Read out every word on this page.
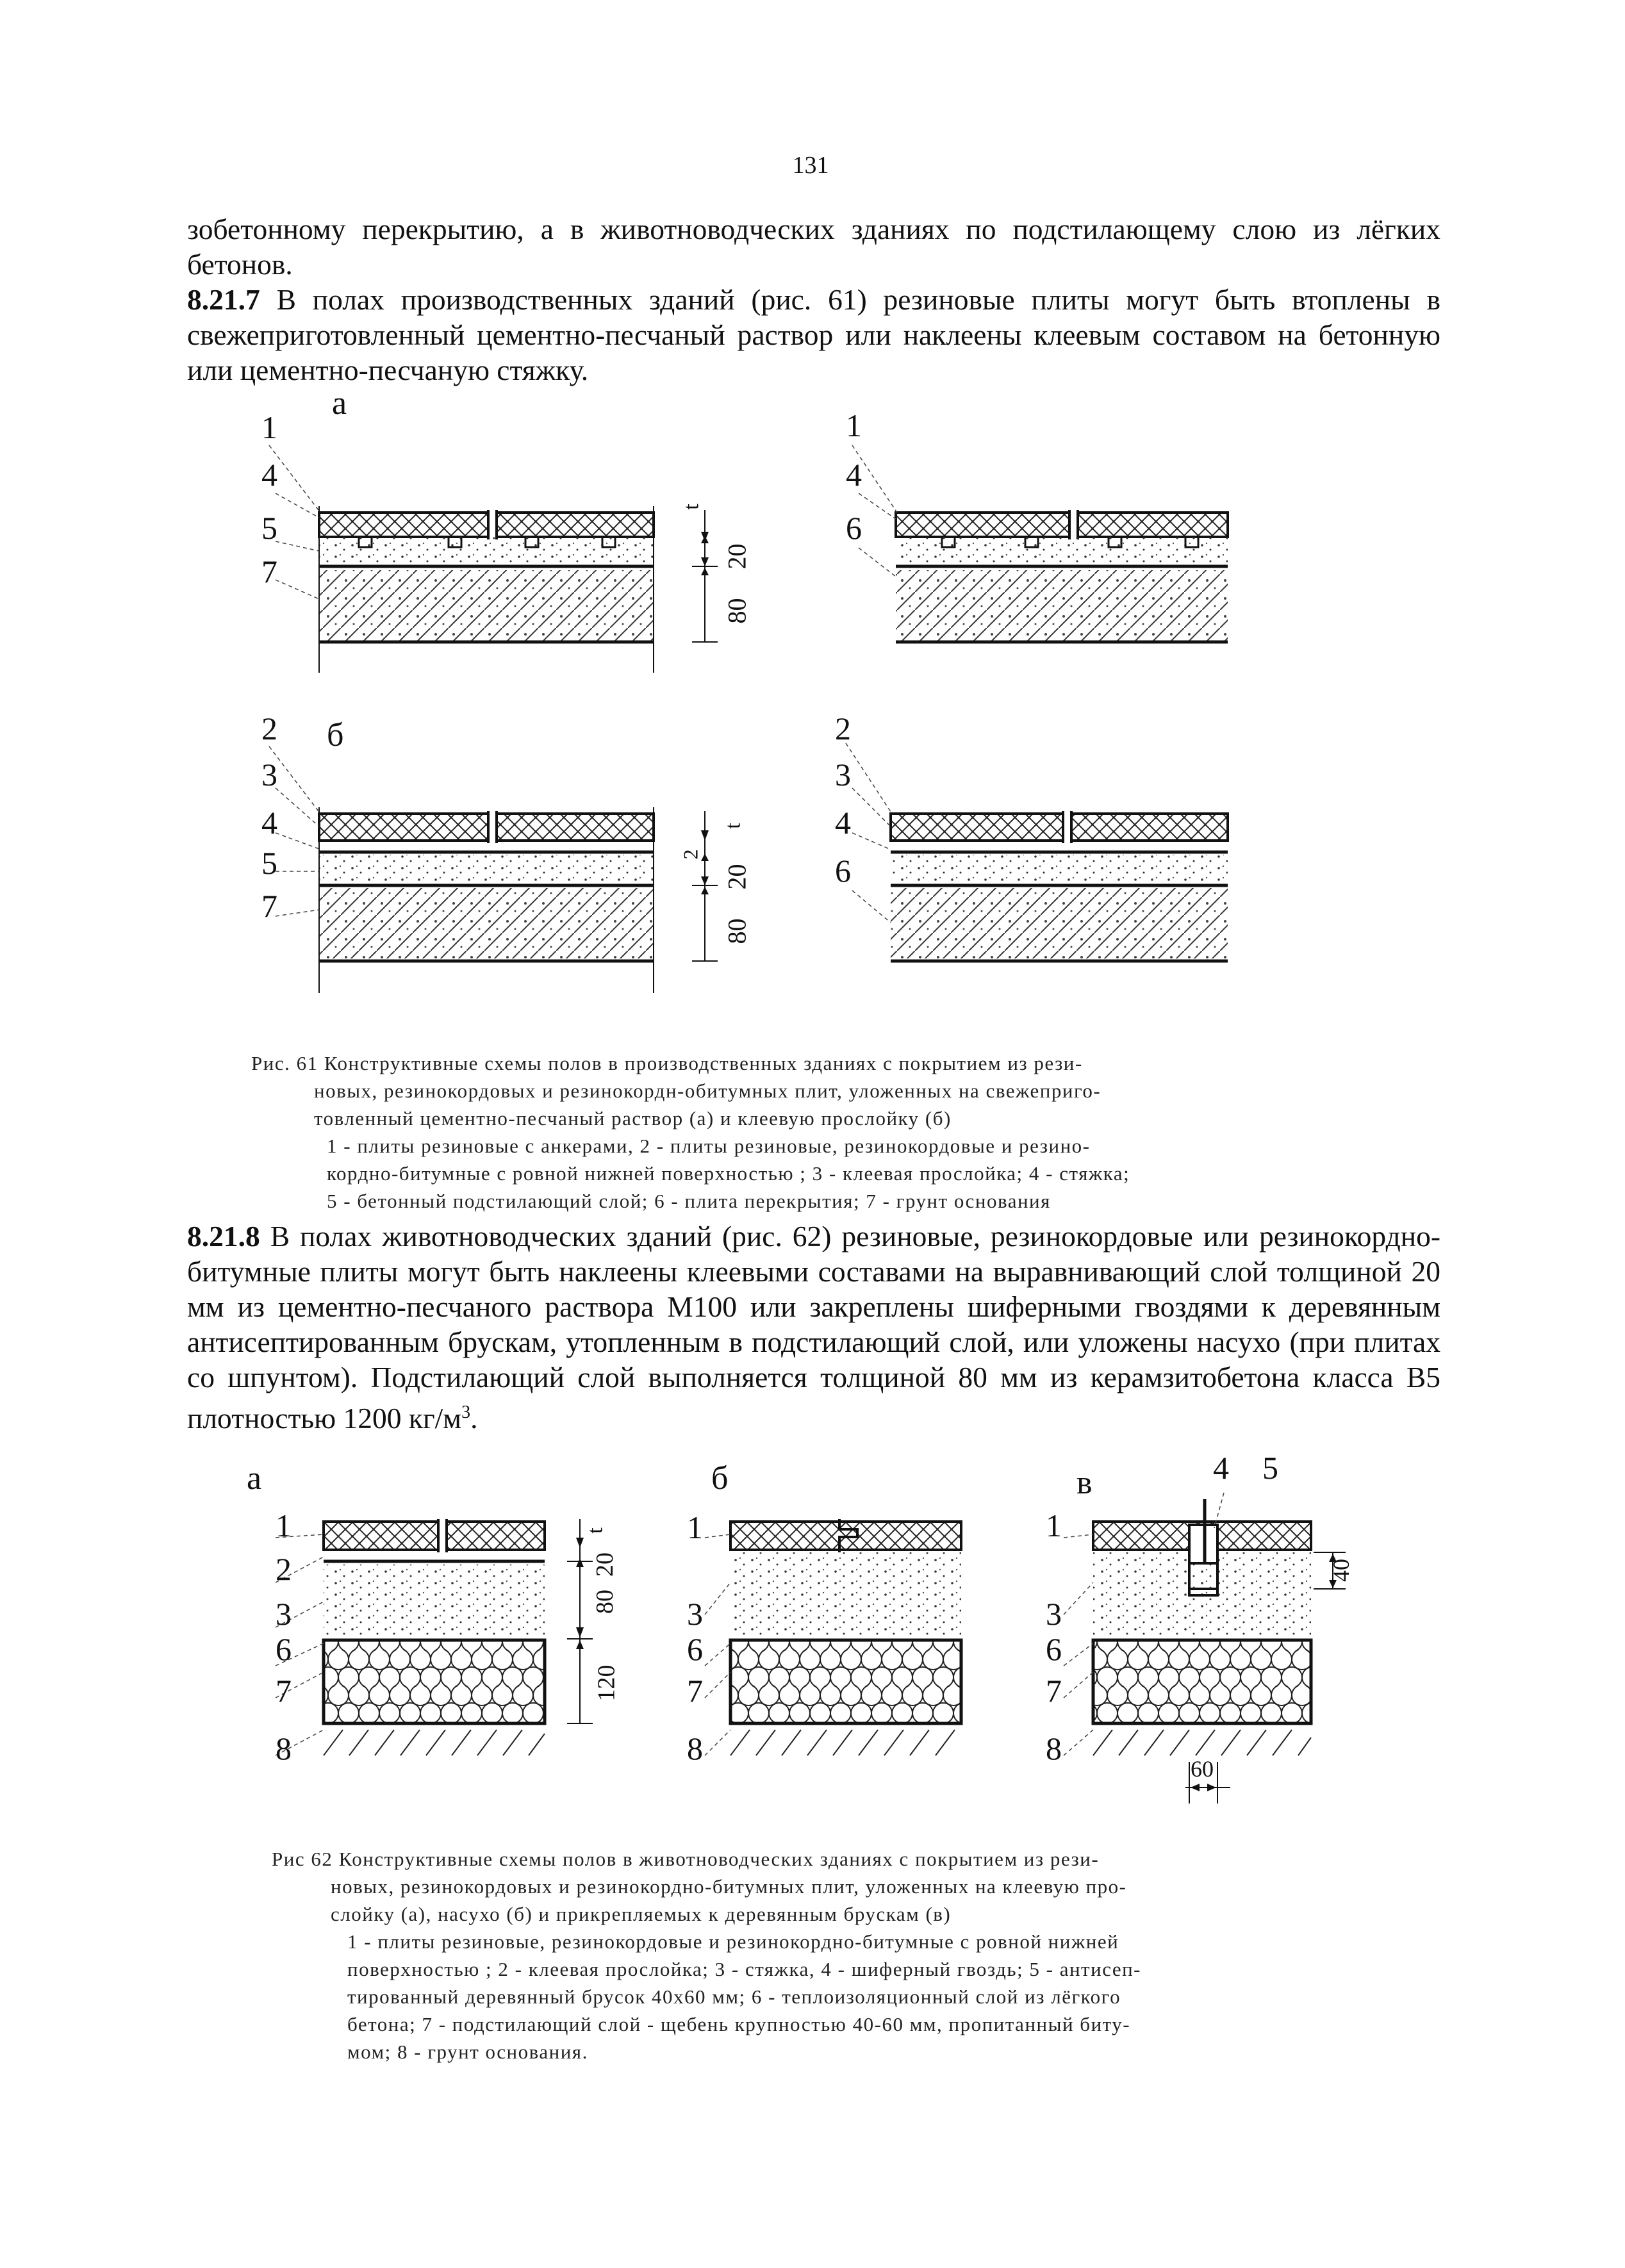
131
зобетонному перекрытию, а в животноводческих зданиях по подстилающему слою из лёгких бетонов.
8.21.7 В полах производственных зданий (рис. 61) резиновые плиты могут быть втоплены в свежеприготовленный цементно-песчаный раствор или наклеены клеевым составом на бетонную или цементно-песчаную стяжку.
а
1
4
5
7
t
20
80
1
4
6
б
2
3
4
5
7
t
2
20
80
2
3
4
6
Рис. 61 Конструктивные схемы полов в производственных зданиях с покрытием из рези-
новых, резинокордовых и резинокордн-обитумных плит, уложенных на свежеприго-
товленный цементно-песчаный раствор (а) и клеевую прослойку (б)
1 - плиты резиновые с анкерами, 2 - плиты резиновые, резинокордовые и резино-
кордно-битумные с ровной нижней поверхностью ; 3 - клеевая прослойка; 4 - стяжка;
5 - бетонный подстилающий слой; 6 - плита перекрытия; 7 - грунт основания
8.21.8 В полах животноводческих зданий (рис. 62) резиновые, резинокордовые или резинокордно-битумные плиты могут быть наклеены клеевыми составами на выравнивающий слой толщиной 20 мм из цементно-песчаного раствора М100 или закреплены шиферными гвоздями к деревянным антисептированным брускам, утопленным в подстилающий слой, или уложены насухо (при плитах со шпунтом). Подстилающий слой выполняется толщиной 80 мм из керамзитобетона класса В5 плотностью 1200 $кг/м^3$.
а	б	в
1
2
3
6
7
8
t
20
80
120
1
3
6
7
8
1
3
6
7
8
4 5
40
60
Рис 62 Конструктивные схемы полов в животноводческих зданиях с покрытием из рези-
новых, резинокордовых и резинокордно-битумных плит, уложенных на клеевую про-
слойку (а), насухо (б) и прикрепляемых к деревянным брускам (в)
1 - плиты резиновые, резинокордовые и резинокордно-битумные с ровной нижней
поверхностью ; 2 - клеевая прослойка; 3 - стяжка, 4 - шиферный гвоздь; 5 - антисеп-
тированный деревянный брусок 40х60 мм; 6 - теплоизоляционный слой из лёгкого
бетона; 7 - подстилающий слой - щебень крупностью 40-60 мм, пропитанный биту-
мом; 8 - грунт основания.
